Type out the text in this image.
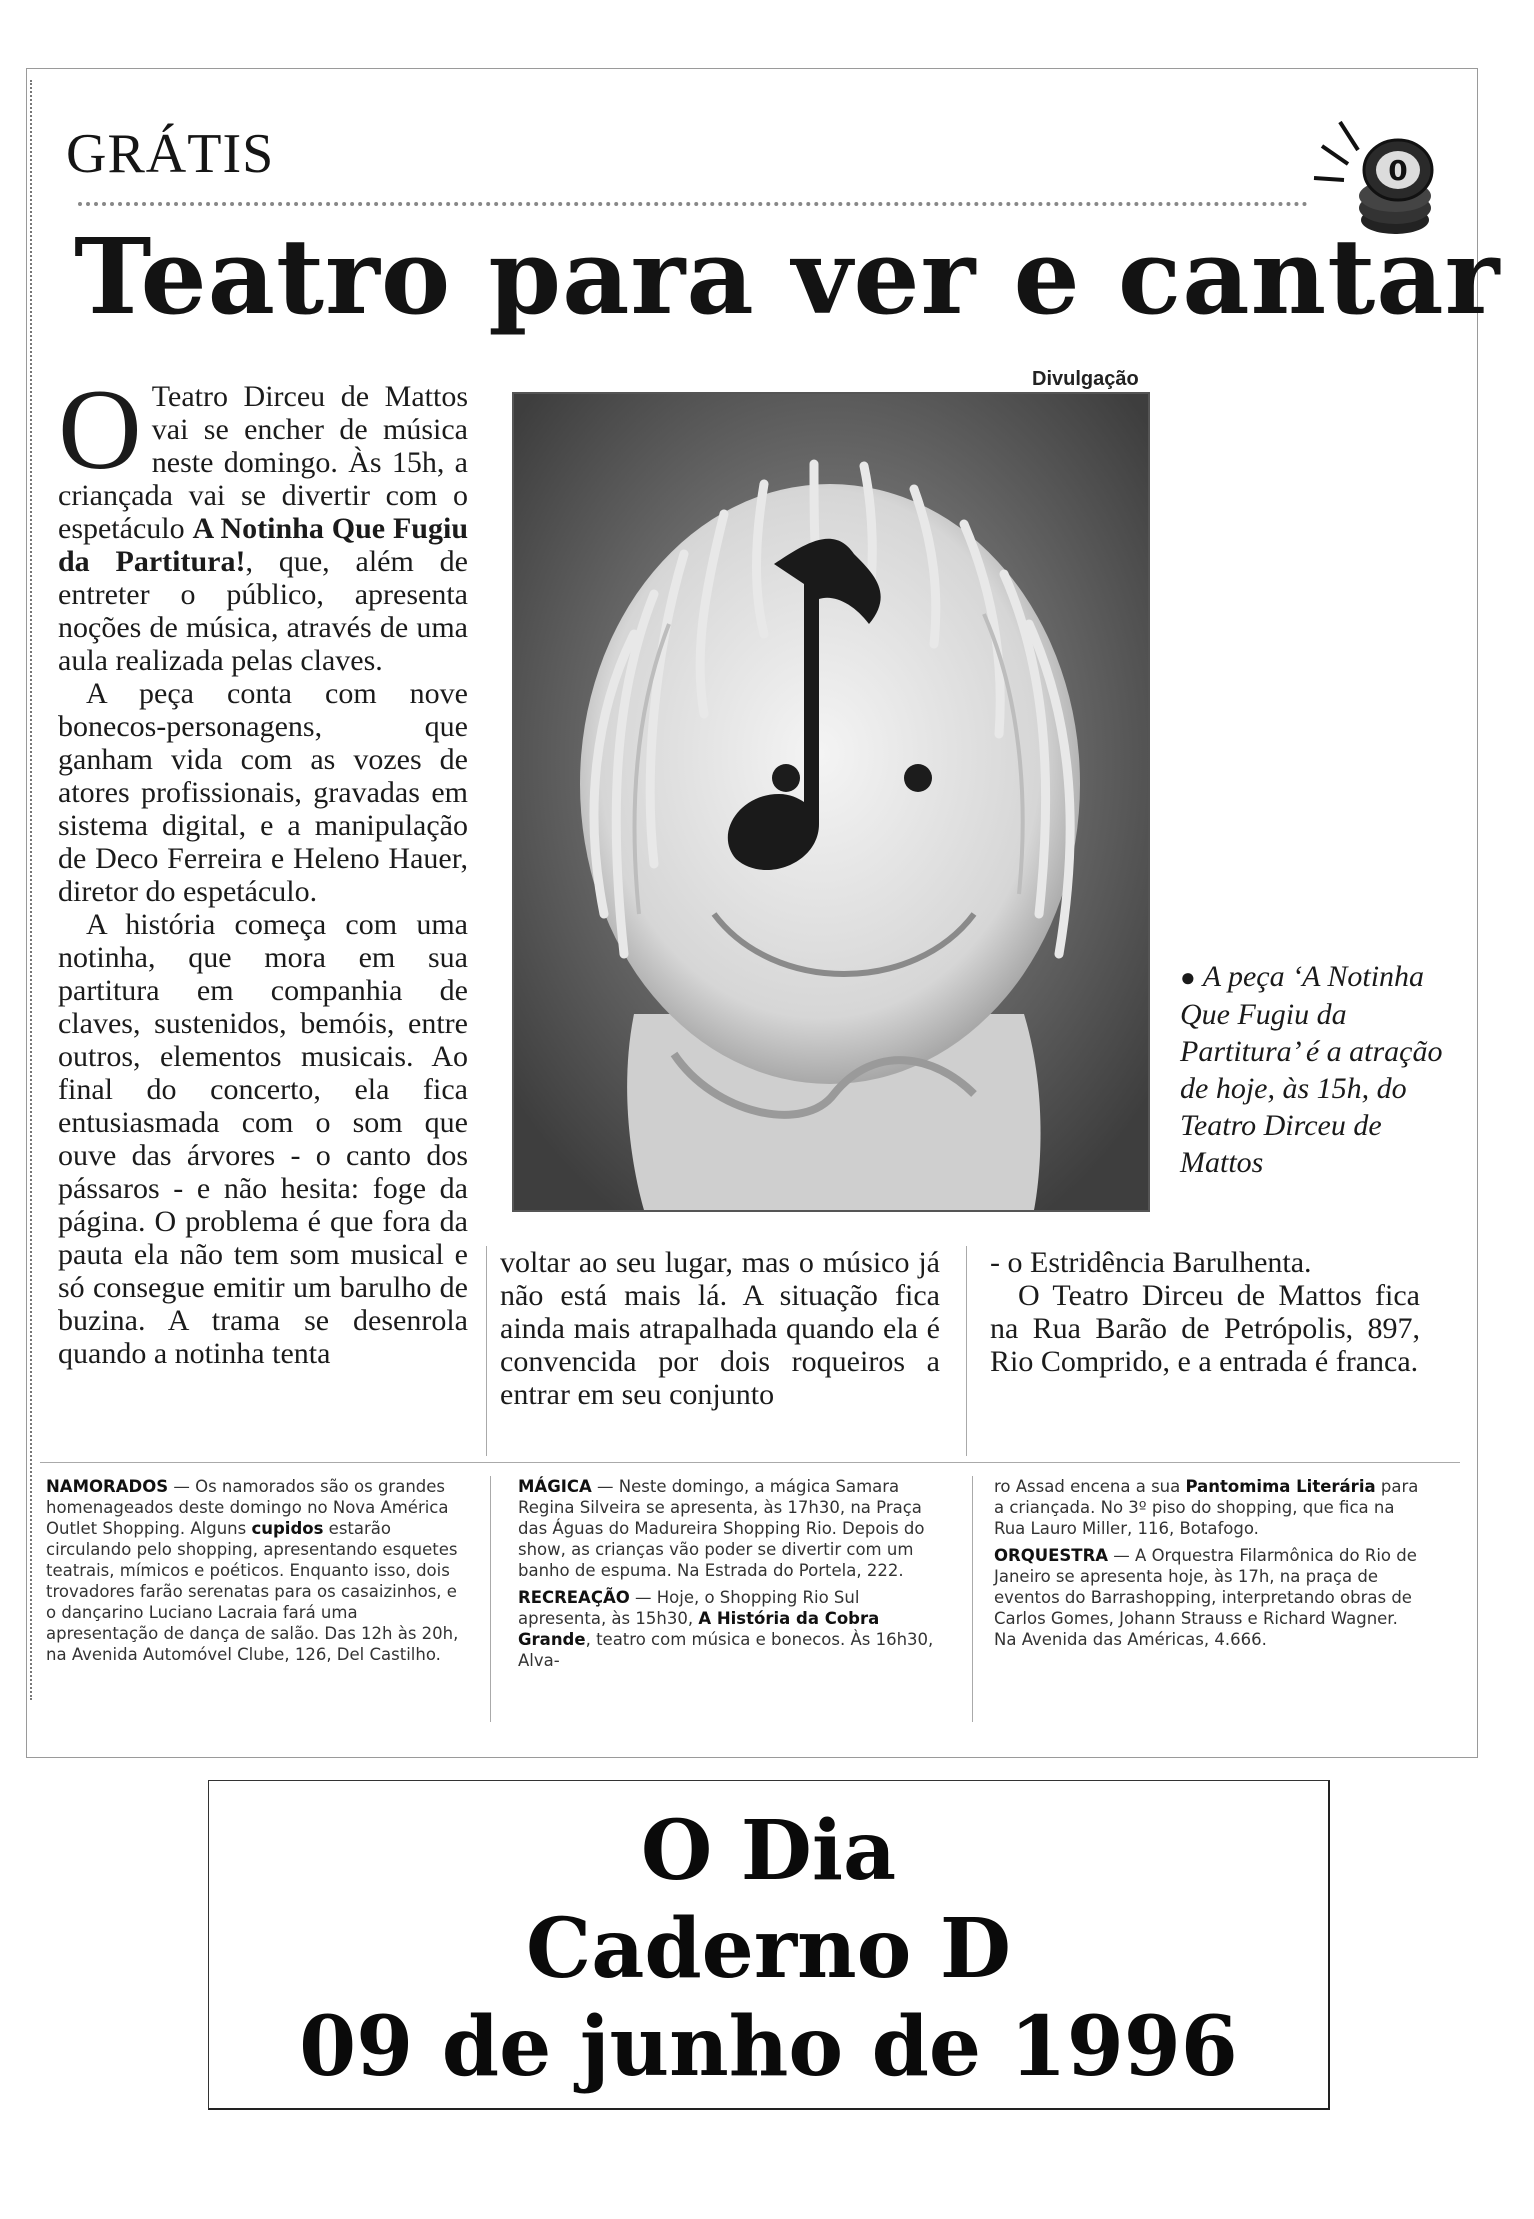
GRÁTIS	0
Teatro para ver e cantar
Divulgação
● A peça ‘A Notinha Que Fugiu da Partitura’ é a atração de hoje, às 15h, do Teatro Dirceu de Mattos

O Teatro Dirceu de Mattos vai se encher de música neste domingo. Às 15h, a criançada vai se divertir com o espetáculo A Notinha Que Fugiu da Partitura!, que, além de entreter o público, apresenta noções de música, através de uma aula realizada pelas claves.

A peça conta com nove bonecos-personagens, que ganham vida com as vozes de atores profissionais, gravadas em sistema digital, e a manipulação de Deco Ferreira e Heleno Hauer, diretor do espetáculo.

A história começa com uma notinha, que mora em sua partitura em companhia de claves, sustenidos, bemóis, entre outros, elementos musicais. Ao final do concerto, ela fica entusiasmada com o som que ouve das árvores - o canto dos pássaros - e não hesita: foge da página. O problema é que fora da pauta ela não tem som musical e só consegue emitir um barulho de buzina. A trama se desenrola quando a notinha tenta

voltar ao seu lugar, mas o músico já não está mais lá. A situação fica ainda mais atrapalhada quando ela é convencida por dois roqueiros a entrar em seu conjunto

- o Estridência Barulhenta.

O Teatro Dirceu de Mattos fica na Rua Barão de Petrópolis, 897, Rio Comprido, e a entrada é franca.

NAMORADOS — Os namorados são os grandes homenageados deste domingo no Nova América Outlet Shopping. Alguns cupidos estarão circulando pelo shopping, apresentando esquetes teatrais, mímicos e poéticos. Enquanto isso, dois trovadores farão serenatas para os casaizinhos, e o dançarino Luciano Lacraia fará uma apresentação de dança de salão. Das 12h às 20h, na Avenida Automóvel Clube, 126, Del Castilho.

MÁGICA — Neste domingo, a mágica Samara Regina Silveira se apresenta, às 17h30, na Praça das Águas do Madureira Shopping Rio. Depois do show, as crianças vão poder se divertir com um banho de espuma. Na Estrada do Portela, 222.

RECREAÇÃO — Hoje, o Shopping Rio Sul apresenta, às 15h30, A História da Cobra Grande, teatro com música e bonecos. Às 16h30, Alva-

ro Assad encena a sua Pantomima Literária para a criançada. No 3º piso do shopping, que fica na Rua Lauro Miller, 116, Botafogo.

ORQUESTRA — A Orquestra Filarmônica do Rio de Janeiro se apresenta hoje, às 17h, na praça de eventos do Barrashopping, interpretando obras de Carlos Gomes, Johann Strauss e Richard Wagner. Na Avenida das Américas, 4.666.

O Dia
Caderno D
09 de junho de 1996
